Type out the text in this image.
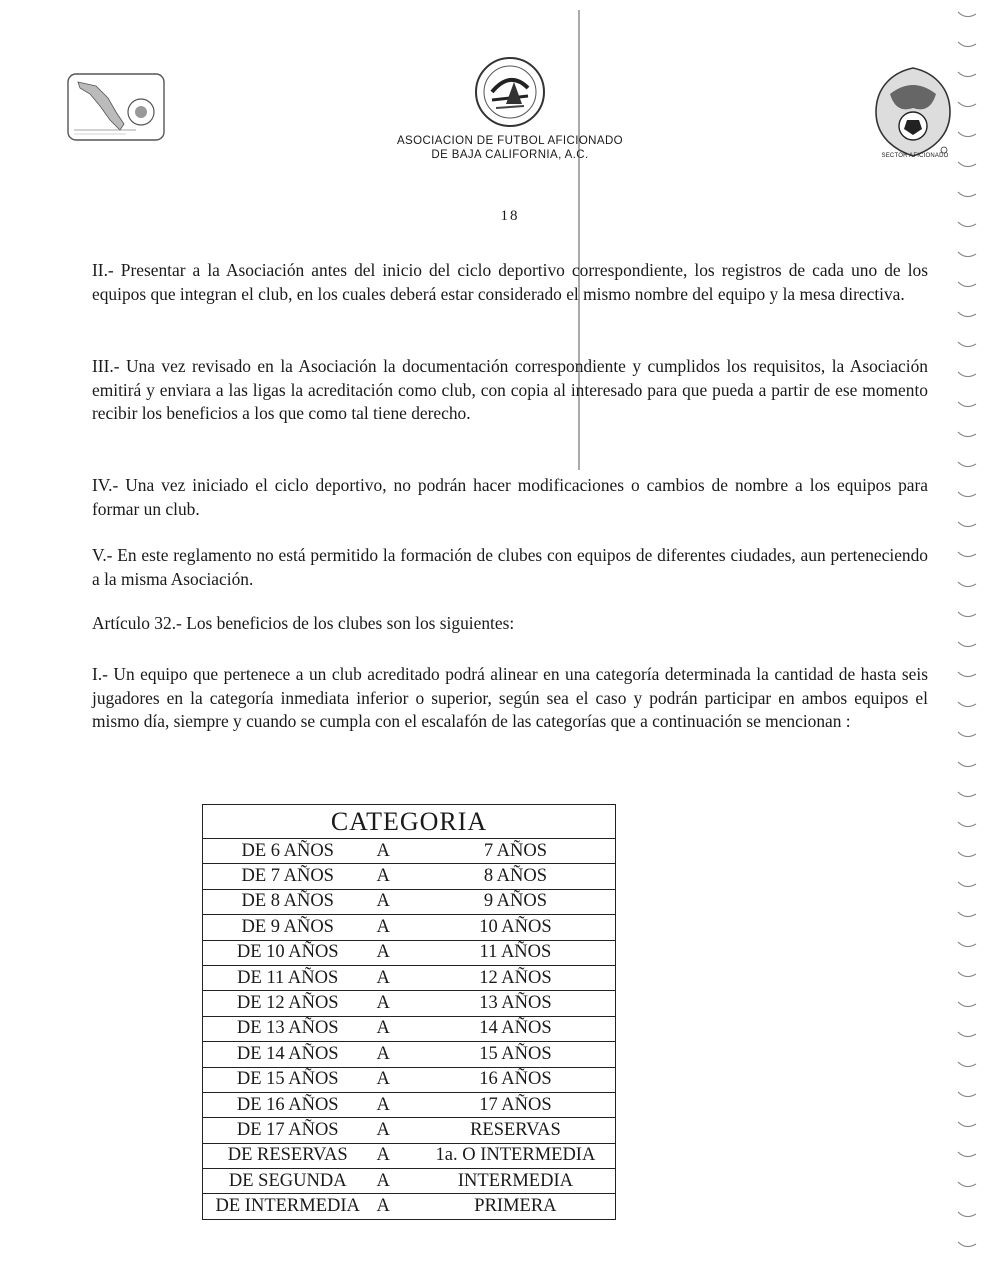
ASOCIACION DE FUTBOL AFICIONADO
DE BAJA CALIFORNIA, A.C.	SECTOR AFICIONADO
18

II.- Presentar a la Asociación antes del inicio del ciclo deportivo correspondiente, los registros de cada uno de los equipos que integran el club, en los cuales deberá estar considerado el mismo nombre del equipo y la mesa directiva.

III.- Una vez revisado en la Asociación la documentación correspondiente y cumplidos los requisitos, la Asociación emitirá y enviara a las ligas la acreditación como club, con copia al interesado para que pueda a partir de ese momento recibir los beneficios a los que como tal tiene derecho.

IV.- Una vez iniciado el ciclo deportivo, no podrán hacer modificaciones o cambios de nombre a los equipos para formar un club.

V.- En este reglamento no está permitido la formación de clubes con equipos de diferentes ciudades, aun perteneciendo a la misma Asociación.

Artículo 32.- Los beneficios de los clubes son los siguientes:

I.- Un equipo que pertenece a un club acreditado podrá alinear en una categoría determinada la cantidad de hasta seis jugadores en la categoría inmediata inferior o superior, según sea el caso y podrán participar en ambos equipos el mismo día, siempre y cuando se cumpla con el escalafón de las categorías que a continuación se mencionan :

CATEGORIA		
DE 6 AÑOS	A	7 AÑOS
DE 7 AÑOS	A	8 AÑOS
DE 8 AÑOS	A	9 AÑOS
DE 9 AÑOS	A	10 AÑOS
DE 10 AÑOS	A	11 AÑOS
DE 11 AÑOS	A	12 AÑOS
DE 12 AÑOS	A	13 AÑOS
DE 13 AÑOS	A	14 AÑOS
DE 14 AÑOS	A	15 AÑOS
DE 15 AÑOS	A	16 AÑOS
DE 16 AÑOS	A	17 AÑOS
DE 17 AÑOS	A	RESERVAS
DE RESERVAS	A	1a. O INTERMEDIA
DE SEGUNDA	A	INTERMEDIA
DE INTERMEDIA	A	PRIMERA
